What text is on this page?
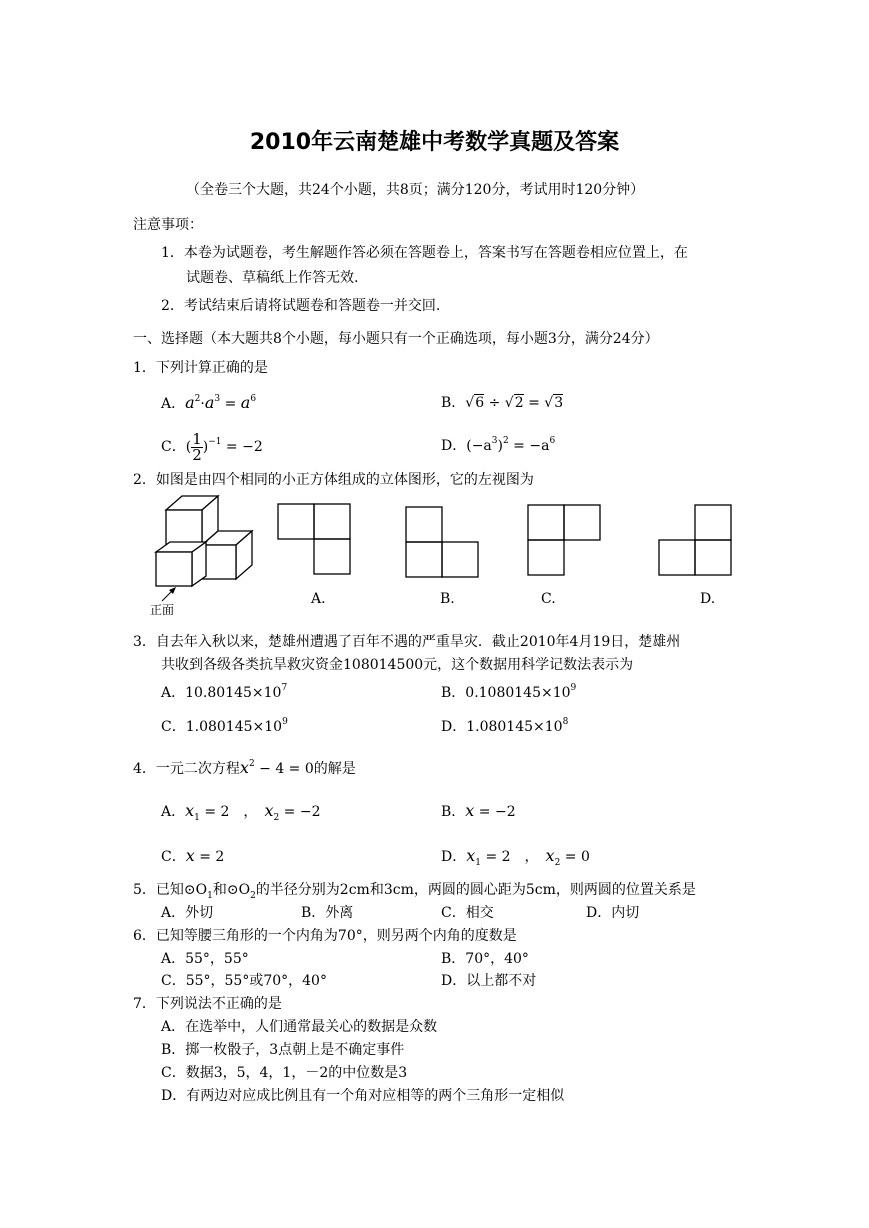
2010年云南楚雄中考数学真题及答案
（全卷三个大题，共24个小题，共8页；满分120分，考试用时120分钟）
注意事项：
1．本卷为试题卷，考生解题作答必须在答题卷上，答案书写在答题卷相应位置上，在
试题卷、草稿纸上作答无效.
2．考试结束后请将试题卷和答题卷一并交回.
一、选择题（本大题共8个小题，每小题只有一个正确选项，每小题3分，满分24分）
1．下列计算正确的是
A．$a^2\cdot a^3 = a^6$	B．√6 ÷ √2 = √3
C．( $\frac{1}{2} )^{-1} = -2$	D．$(-a^3)^2 = -a^6$
2．如图是由四个相同的小正方体组成的立体图形，它的左视图为
正面
A.	B.	C.	D.
3．自去年入秋以来，楚雄州遭遇了百年不遇的严重旱灾．截止2010年4月19日，楚雄州
共收到各级各类抗旱救灾资金108014500元，这个数据用科学记数法表示为
A．$10.80145\times 10^7$	B．$0.1080145\times 10^9$
C．$1.080145\times 10^9$	D．$1.080145\times 10^8$
4．一元二次方程$x^2 - 4 = 0$的解是
A．$x_1 = 2$　，　$x_2 = -2$	B．x = −2
C．x = 2	D．$x_1 = 2$　，　$x_2 = 0$
5．已知$⊙O_1$和$⊙O_2$的半径分别为2cm和3cm，两圆的圆心距为5cm，则两圆的位置关系是
A．外切	B．外离	C．相交	D．内切
6．已知等腰三角形的一个内角为70°，则另两个内角的度数是
A．55°，55°	B．70°，40°
C．55°，55°或70°，40°	D．以上都不对
7．下列说法不正确的是
A．在选举中，人们通常最关心的数据是众数
B．掷一枚骰子，3点朝上是不确定事件
C．数据3，5，4，1，－2的中位数是3
D．有两边对应成比例且有一个角对应相等的两个三角形一定相似
